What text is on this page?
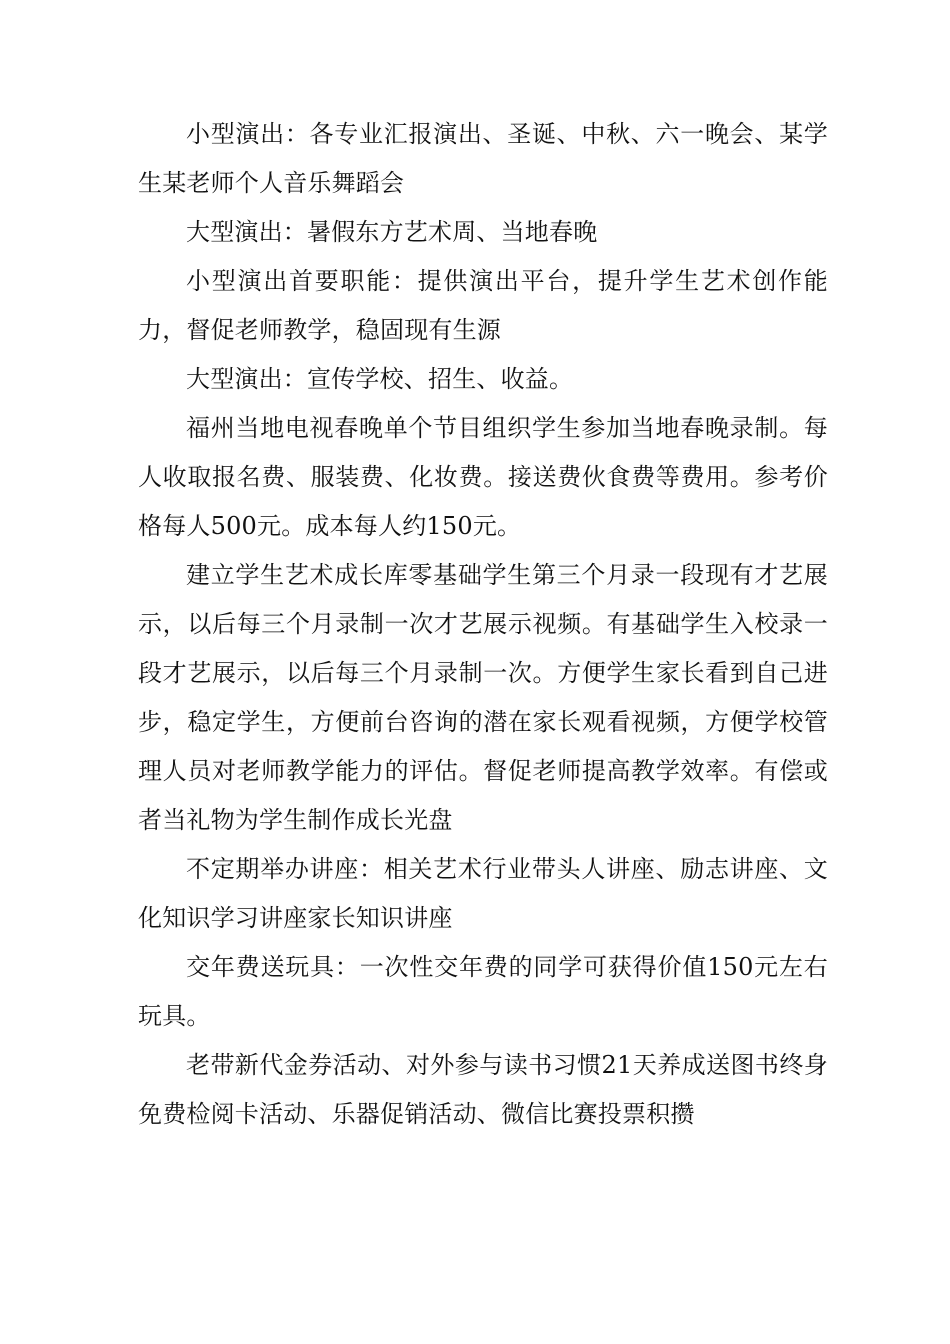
小型演出：各专业汇报演出、圣诞、中秋、六一晚会、某学生某老师个人音乐舞蹈会

大型演出：暑假东方艺术周、当地春晚

小型演出首要职能：提供演出平台，提升学生艺术创作能力，督促老师教学，稳固现有生源

大型演出：宣传学校、招生、收益。

福州当地电视春晚单个节目组织学生参加当地春晚录制。每人收取报名费、服装费、化妆费。接送费伙食费等费用。参考价格每人500元。成本每人约150元。

建立学生艺术成长库零基础学生第三个月录一段现有才艺展示，以后每三个月录制一次才艺展示视频。有基础学生入校录一段才艺展示，以后每三个月录制一次。方便学生家长看到自己进步，稳定学生，方便前台咨询的潜在家长观看视频，方便学校管理人员对老师教学能力的评估。督促老师提高教学效率。有偿或者当礼物为学生制作成长光盘

不定期举办讲座：相关艺术行业带头人讲座、励志讲座、文化知识学习讲座家长知识讲座

交年费送玩具：一次性交年费的同学可获得价值150元左右玩具。

老带新代金券活动、对外参与读书习惯21天养成送图书终身免费检阅卡活动、乐器促销活动、微信比赛投票积攒
